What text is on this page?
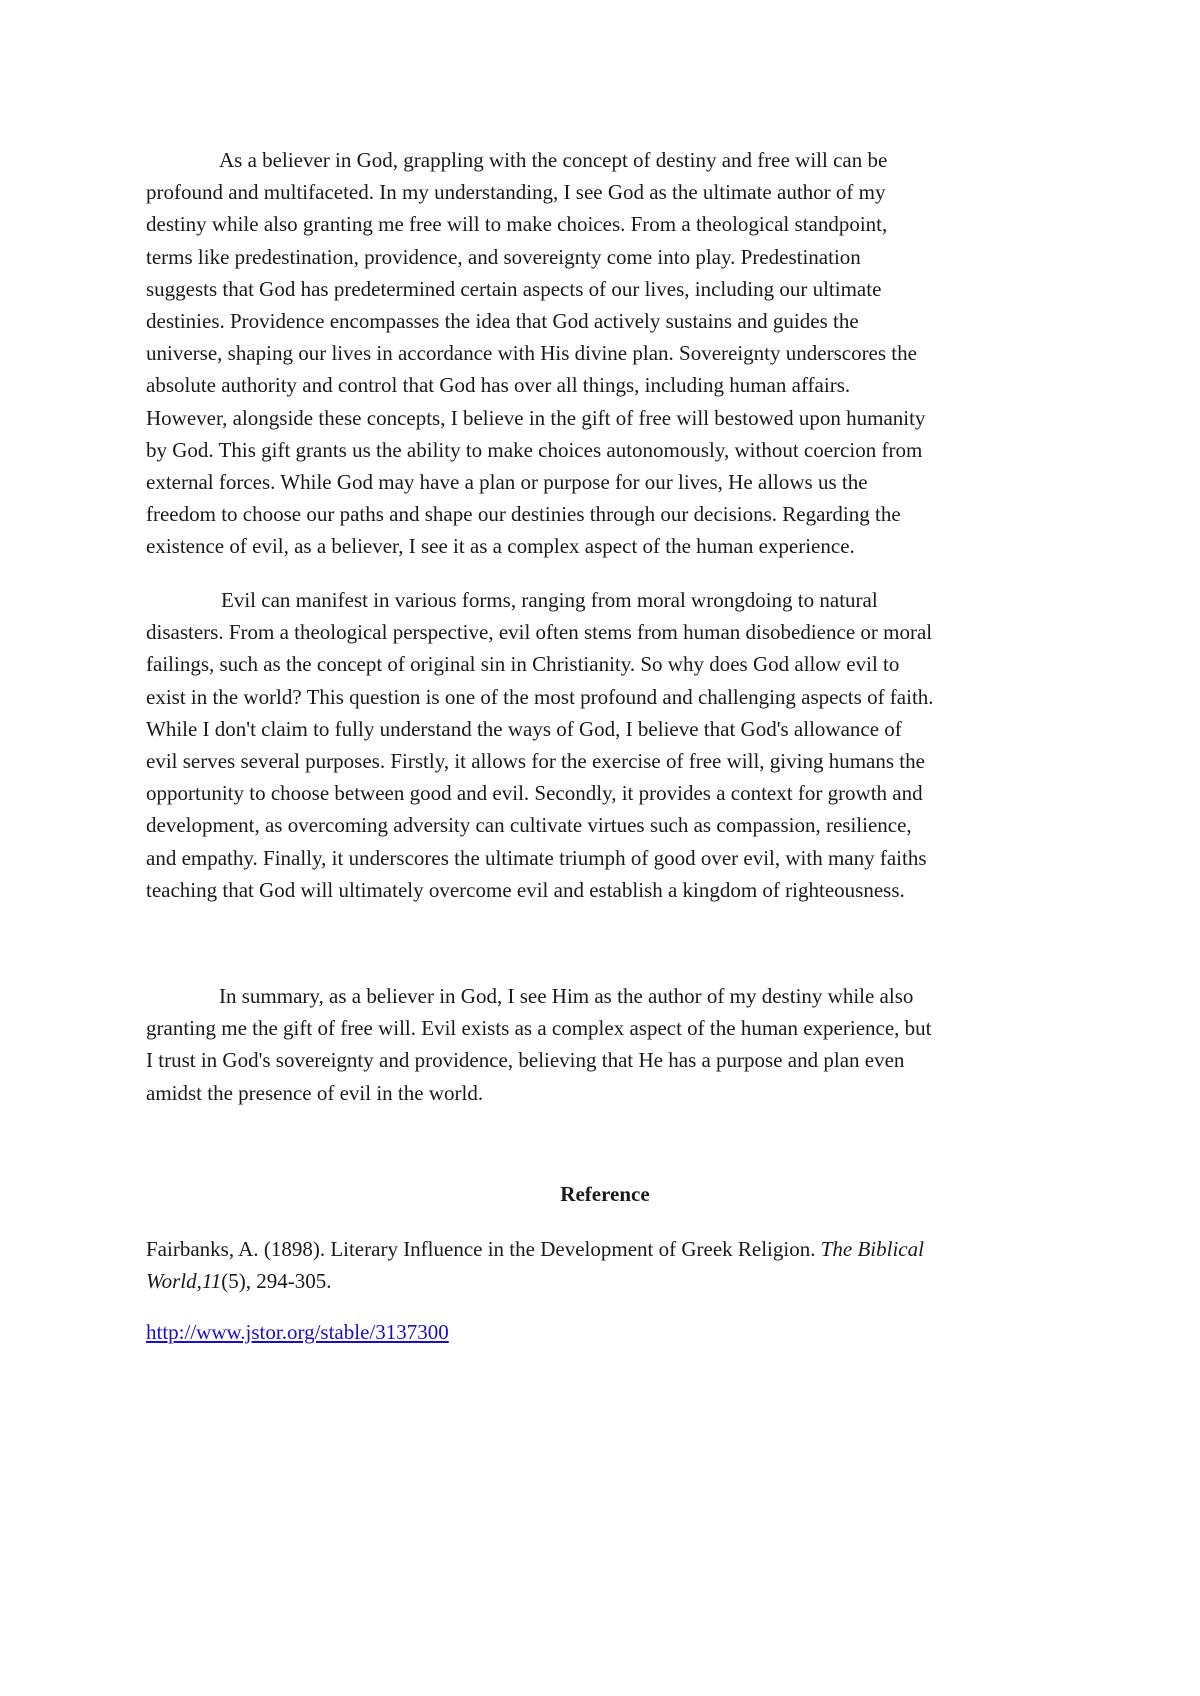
As a believer in God, grappling with the concept of destiny and free will can be
profound and multifaceted. In my understanding, I see God as the ultimate author of my
destiny while also granting me free will to make choices. From a theological standpoint,
terms like predestination, providence, and sovereignty come into play. Predestination
suggests that God has predetermined certain aspects of our lives, including our ultimate
destinies. Providence encompasses the idea that God actively sustains and guides the
universe, shaping our lives in accordance with His divine plan. Sovereignty underscores the
absolute authority and control that God has over all things, including human affairs.
However, alongside these concepts, I believe in the gift of free will bestowed upon humanity
by God. This gift grants us the ability to make choices autonomously, without coercion from
external forces. While God may have a plan or purpose for our lives, He allows us the
freedom to choose our paths and shape our destinies through our decisions. Regarding the
existence of evil, as a believer, I see it as a complex aspect of the human experience.

Evil can manifest in various forms, ranging from moral wrongdoing to natural
disasters. From a theological perspective, evil often stems from human disobedience or moral
failings, such as the concept of original sin in Christianity. So why does God allow evil to
exist in the world? This question is one of the most profound and challenging aspects of faith.
While I don't claim to fully understand the ways of God, I believe that God's allowance of
evil serves several purposes. Firstly, it allows for the exercise of free will, giving humans the
opportunity to choose between good and evil. Secondly, it provides a context for growth and
development, as overcoming adversity can cultivate virtues such as compassion, resilience,
and empathy. Finally, it underscores the ultimate triumph of good over evil, with many faiths
teaching that God will ultimately overcome evil and establish a kingdom of righteousness.

In summary, as a believer in God, I see Him as the author of my destiny while also
granting me the gift of free will. Evil exists as a complex aspect of the human experience, but
I trust in God's sovereignty and providence, believing that He has a purpose and plan even
amidst the presence of evil in the world.

Reference

Fairbanks, A. (1898). Literary Influence in the Development of Greek Religion. The Biblical
World,11(5), 294-305.

http://www.jstor.org/stable/3137300
